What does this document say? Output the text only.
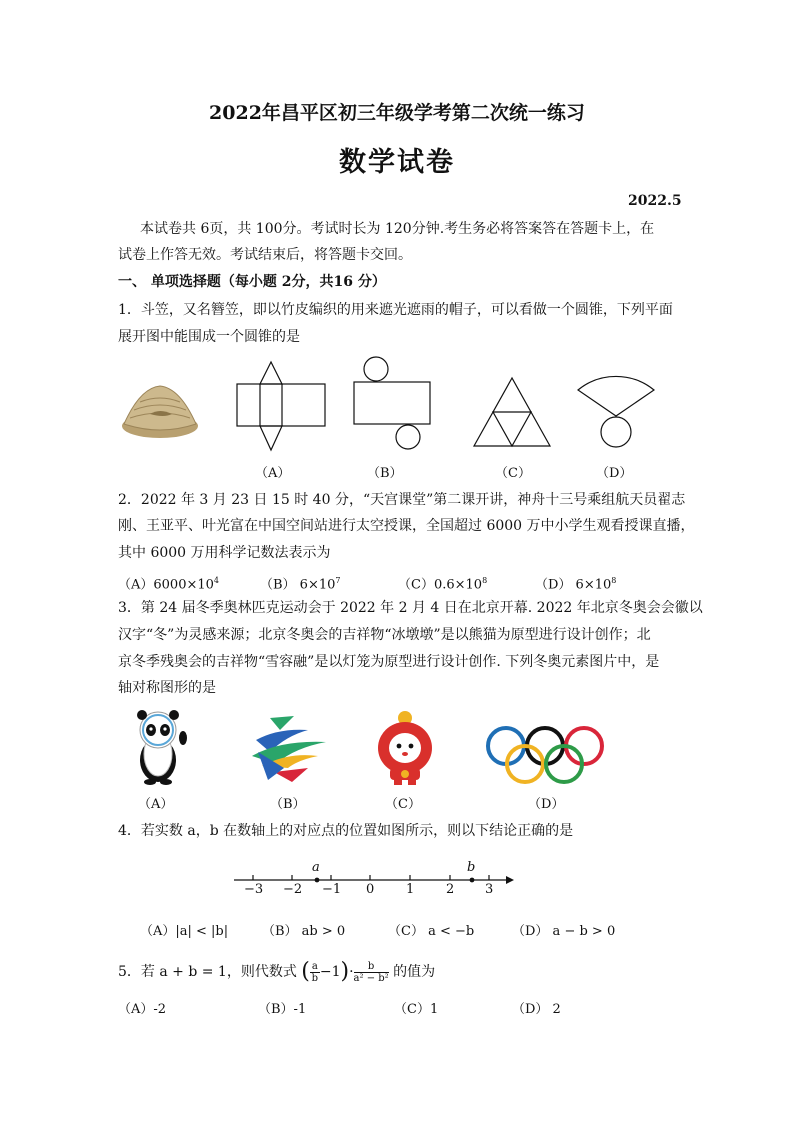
2022年昌平区初三年级学考第二次统一练习
数学试卷
2022.5
本试卷共 6页，共 100分。考试时长为 120分钟.考生务必将答案答在答题卡上，在
试卷上作答无效。考试结束后，将答题卡交回。
一、 单项选择题（每小题 2分，共16 分）
1．斗笠，又名簪笠，即以竹皮编织的用来遮光遮雨的帽子，可以看做一个圆锥，下列平面
展开图中能围成一个圆锥的是
（A）	（B）	（C）	（D）
2．2022 年 3 月 23 日 15 时 40 分，“天宫课堂”第二课开讲，神舟十三号乘组航天员翟志
刚、王亚平、叶光富在中国空间站进行太空授课，全国超过 6000 万中小学生观看授课直播，
其中 6000 万用科学记数法表示为
$(A)6000\times 10^4$	（B） $6\times 10^7$	$(C)0.6\times 10^8$	（D） $6\times 10^8$
3．第 24 届冬季奥林匹克运动会于 2022 年 2 月 4 日在北京开幕. 2022 年北京冬奥会会徽以
汉字“冬”为灵感来源；北京冬奥会的吉祥物“冰墩墩”是以熊猫为原型进行设计创作；北
京冬季残奥会的吉祥物“雪容融”是以灯笼为原型进行设计创作. 下列冬奥元素图片中，是
轴对称图形的是
（A）	（B）	（C）	（D）
4．若实数 a，b 在数轴上的对应点的位置如图所示，则以下结论正确的是
a	b
−3 −2 −1 0 1 2 3
（A）|a| < |b|	（B） ab > 0	（C） a < −b	（D） a − b > 0
5．若 a + b = 1，则代数式 ( $\frac{a}{b} -1)\cdot \frac{b}{\text{a² − b²}}$ 的值为
（A）-2	（B）-1	（C）1	（D） 2
